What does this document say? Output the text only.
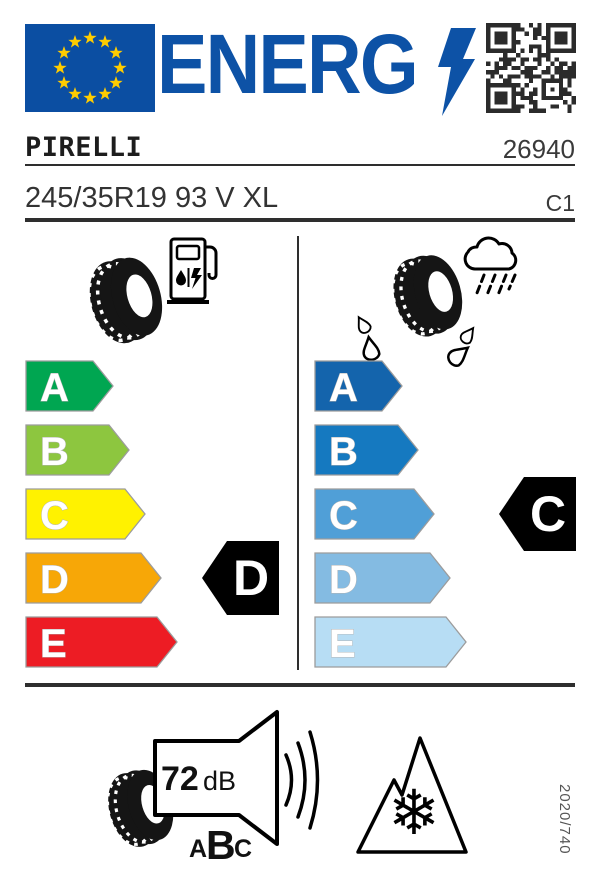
ENERG
PIRELLI	26940
245/35R19 93 V XL	C1
A
B
C
D
E
D
A
B
C
D
E
C
72 dB
A
B
C
❄	2020/740
